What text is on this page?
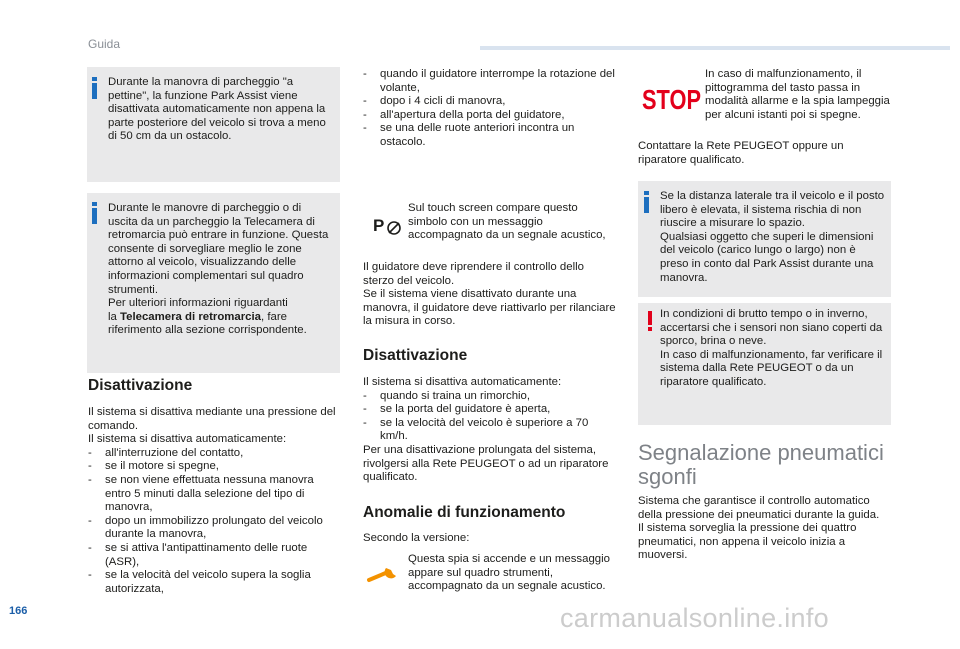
Guida

Durante la manovra di parcheggio "a pettine", la funzione Park Assist viene disattivata automaticamente non appena la parte posteriore del veicolo si trova a meno di 50 cm da un ostacolo.

Durante le manovre di parcheggio o di uscita da un parcheggio la Telecamera di retromarcia può entrare in funzione. Questa consente di sorvegliare meglio le zone attorno al veicolo, visualizzando delle informazioni complementari sul quadro strumenti.

Per ulteriori informazioni riguardanti

la Telecamera di retromarcia, fare riferimento alla sezione corrispondente.

Disattivazione

Il sistema si disattiva mediante una pressione del comando.

Il sistema si disattiva automaticamente:

- all'interruzione del contatto,
- se il motore si spegne,
- se non viene effettuata nessuna manovra entro 5 minuti dalla selezione del tipo di manovra,
- dopo un immobilizzo prolungato del veicolo durante la manovra,
- se si attiva l'antipattinamento delle ruote (ASR),
- se la velocità del veicolo supera la soglia autorizzata,
- quando il guidatore interrompe la rotazione del volante,
- dopo i 4 cicli di manovra,
- all'apertura della porta del guidatore,
- se una delle ruote anteriori incontra un ostacolo.
P

Sul touch screen compare questo simbolo con un messaggio accompagnato da un segnale acustico,

Il guidatore deve riprendere il controllo dello sterzo del veicolo.

Se il sistema viene disattivato durante una manovra, il guidatore deve riattivarlo per rilanciare la misura in corso.

Disattivazione

Il sistema si disattiva automaticamente:

- quando si traina un rimorchio,
- se la porta del guidatore è aperta,
- se la velocità del veicolo è superiore a 70 km/h.

Per una disattivazione prolungata del sistema, rivolgersi alla Rete PEUGEOT o ad un riparatore qualificato.

Anomalie di funzionamento

Secondo la versione:

Questa spia si accende e un messaggio appare sul quadro strumenti, accompagnato da un segnale acustico.

STOP

In caso di malfunzionamento, il pittogramma del tasto passa in modalità allarme e la spia lampeggia per alcuni istanti poi si spegne.

Contattare la Rete PEUGEOT oppure un riparatore qualificato.

Se la distanza laterale tra il veicolo e il posto libero è elevata, il sistema rischia di non riuscire a misurare lo spazio.

Qualsiasi oggetto che superi le dimensioni del veicolo (carico lungo o largo) non è preso in conto dal Park Assist durante una manovra.

In condizioni di brutto tempo o in inverno, accertarsi che i sensori non siano coperti da sporco, brina o neve.

In caso di malfunzionamento, far verificare il sistema dalla Rete PEUGEOT o da un riparatore qualificato.

Segnalazione pneumatici
sgonfi

Sistema che garantisce il controllo automatico della pressione dei pneumatici durante la guida.

Il sistema sorveglia la pressione dei quattro pneumatici, non appena il veicolo inizia a muoversi.

166	carmanualsonline.info
